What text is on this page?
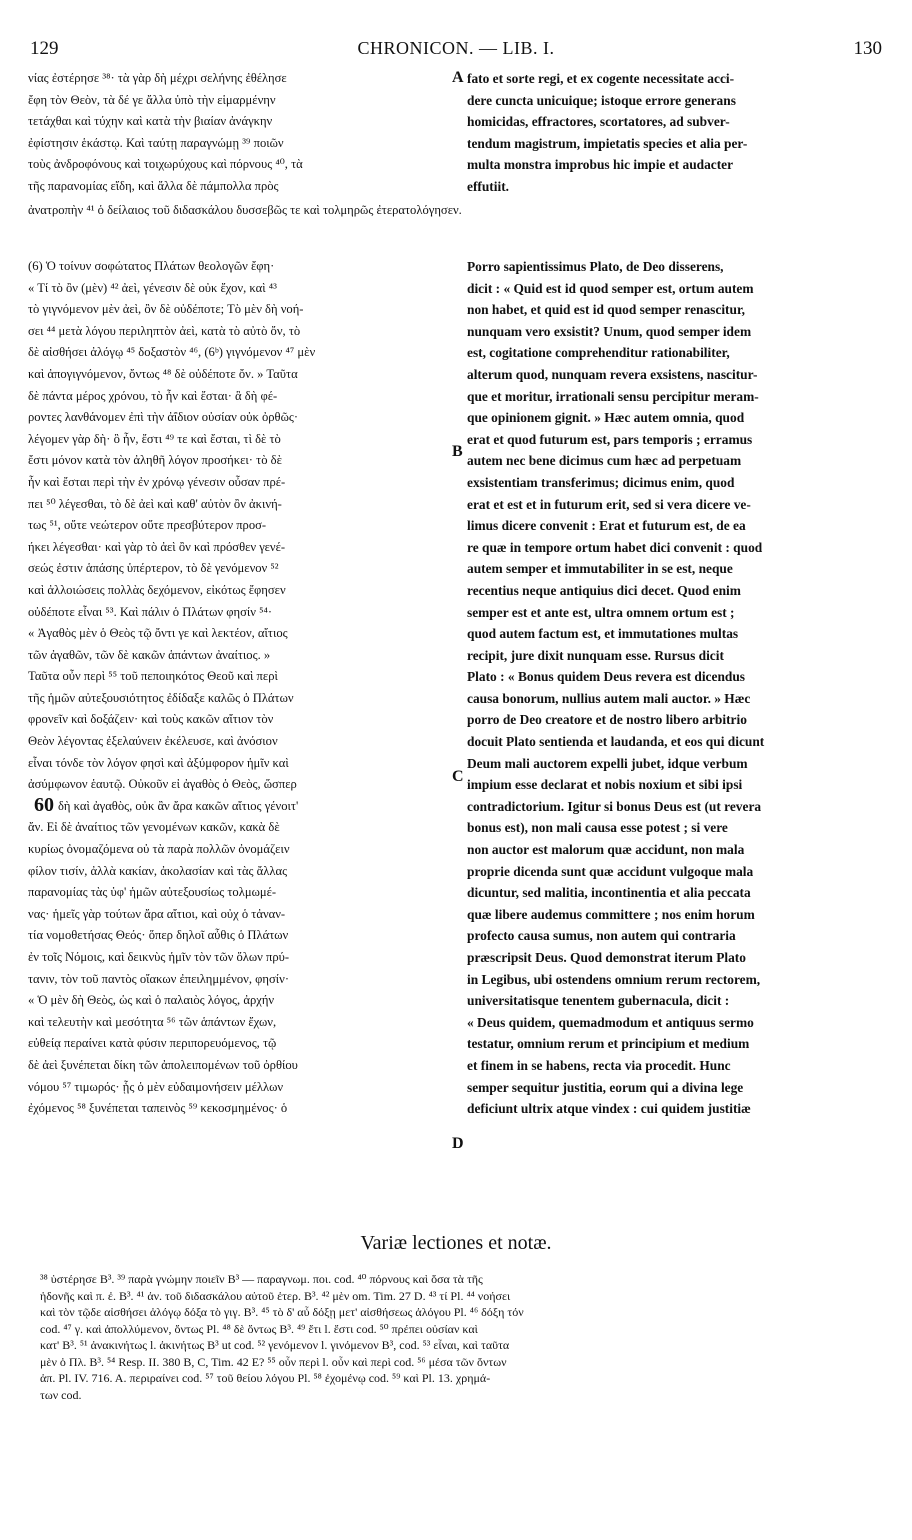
129	CHRONICON. — LIB. I.	130
νίας ἐστέρησε ³⁸· τὰ γὰρ δὴ μέχρι σελήνης ἐθέλησε
ἔφη τὸν Θεὸν, τὰ δέ γε ἄλλα ὑπὸ τὴν εἱμαρμένην
τετάχθαι καὶ τύχην καὶ κατὰ τὴν βιαίαν ἀνάγκην
ἐφίστησιν ἑκάστῳ. Καὶ ταύτῃ παραγνώμῃ ³⁹ ποιῶν
τοὺς ἀνδροφόνους καὶ τοιχωρύχους καὶ πόρνους ⁴⁰, τὰ
τῆς παρανομίας εἴδη, καὶ ἄλλα δὲ πάμπολλα πρὸς
fato et sorte regi, et ex cogente necessitate acci-
dere cuncta unicuique; istoque errore generans
homicidas, effractores, scortatores, ad subver-
tendum magistrum, impietatis species et alia per-
multa monstra improbus hic impie et audacter
effutiit.
ἀνατροπὴν ⁴¹ ὁ δείλαιος τοῦ διδασκάλου δυσσεβῶς τε καὶ τολμηρῶς ἐτερατολόγησεν.
(6) Ὁ τοίνυν σοφώτατος Πλάτων θεολογῶν ἔφη·
« Τί τὸ ὂν (μὲν) ⁴² ἀεὶ, γένεσιν δὲ οὐκ ἔχον, καὶ ⁴³
τὸ γιγνόμενον μὲν ἀεὶ, ὂν δὲ οὐδέποτε; Τὸ μὲν δὴ νοή-
σει ⁴⁴ μετὰ λόγου περιληπτὸν ἀεὶ, κατὰ τὸ αὐτὸ ὄν, τὸ
δὲ αἰσθήσει ἀλόγῳ ⁴⁵ δοξαστὸν ⁴⁶, (6ᵇ) γιγνόμενον ⁴⁷ μὲν
καὶ ἀπογιγνόμενον, ὄντως ⁴⁸ δὲ οὐδέποτε ὄν. » Ταῦτα
δὲ πάντα μέρος χρόνου, τὸ ἦν καὶ ἔσται· ἃ δὴ φέ-
ροντες λανθάνομεν ἐπὶ τὴν ἀΐδιον οὐσίαν οὐκ ὀρθῶς·
λέγομεν γὰρ δὴ· ὃ ἦν, ἔστι ⁴⁹ τε καὶ ἔσται, τὶ δὲ τὸ
ἔστι μόνον κατὰ τὸν ἀληθῆ λόγον προσήκει· τὸ δὲ
ἦν καὶ ἔσται περὶ τὴν ἐν χρόνῳ γένεσιν οὖσαν πρέ-
πει ⁵⁰ λέγεσθαι, τὸ δὲ ἀεὶ καὶ καθ' αὐτὸν ὂν ἀκινή-
τως ⁵¹, οὔτε νεώτερον οὔτε πρεσβύτερον προσ-
ήκει λέγεσθαι· καὶ γὰρ τὸ ἀεὶ ὂν καὶ πρόσθεν γενέ-
σεώς ἐστιν ἁπάσης ὑπέρτερον, τὸ δὲ γενόμενον ⁵²
καὶ ἀλλοιώσεις πολλὰς δεχόμενον, εἰκότως ἔφησεν
οὐδέποτε εἶναι ⁵³. Καὶ πάλιν ὁ Πλάτων φησίν ⁵⁴·
« Ἀγαθὸς μὲν ὁ Θεὸς τῷ ὄντι γε καὶ λεκτέον, αἴτιος
τῶν ἀγαθῶν, τῶν δὲ κακῶν ἁπάντων ἀναίτιος. »
Ταῦτα οὖν περὶ ⁵⁵ τοῦ πεποιηκότος Θεοῦ καὶ περὶ
τῆς ἡμῶν αὐτεξουσιότητος ἐδίδαξε καλῶς ὁ Πλάτων
φρονεῖν καὶ δοξάζειν· καὶ τοὺς κακῶν αἴτιον τὸν
Θεὸν λέγοντας ἐξελαύνειν ἐκέλευσε, καὶ ἀνόσιον
εἶναι τόνδε τὸν λόγον φησὶ καὶ ἀξύμφορον ἡμῖν καὶ
ἀσύμφωνον ἑαυτῷ. Οὐκοῦν εἰ ἀγαθὸς ὁ Θεὸς, ὥσπερ
δὴ καὶ ἀγαθὸς, οὐκ ἂν ἄρα κακῶν αἴτιος γένοιτ'
ἄν. Εἰ δὲ ἀναίτιος τῶν γενομένων κακῶν, κακὰ δὲ
κυρίως ὀνομαζόμενα οὐ τὰ παρὰ πολλῶν ὀνομάζειν
φίλον τισίν, ἀλλὰ κακίαν, ἀκολασίαν καὶ τὰς ἄλλας
παρανομίας τὰς ὑφ' ἡμῶν αὐτεξουσίως τολμωμέ-
νας· ἡμεῖς γὰρ τούτων ἄρα αἴτιοι, καὶ οὐχ ὁ τἀναν-
τία νομοθετήσας Θεός· ὅπερ δηλοῖ αὖθις ὁ Πλάτων
ἐν τοῖς Νόμοις, καὶ δεικνὺς ἡμῖν τὸν τῶν ὅλων πρύ-
τανιν, τὸν τοῦ παντὸς οἴακων ἐπειλημμένον, φησίν·
« Ὁ μὲν δὴ Θεὸς, ὡς καὶ ὁ παλαιὸς λόγος, ἀρχήν
καὶ τελευτὴν καὶ μεσότητα ⁵⁶ τῶν ἁπάντων ἔχων,
εὐθείᾳ περαίνει κατὰ φύσιν περιπορευόμενος, τῷ
δὲ ἀεὶ ξυνέπεται δίκη τῶν ἀπολειπομένων τοῦ ὀρθίου
νόμου ⁵⁷ τιμωρός· ᾗς ὁ μὲν εὐδαιμονήσειν μέλλων
ἐχόμενος ⁵⁸ ξυνέπεται ταπεινὸς ⁵⁹ κεκοσμημένος· ὁ
Porro sapientissimus Plato, de Deo disserens,
dicit : « Quid est id quod semper est, ortum autem
non habet, et quid est id quod semper renascitur,
nunquam vero exsistit? Unum, quod semper idem
est, cogitatione comprehenditur rationabiliter,
alterum quod, nunquam revera exsistens, nascitur-
que et moritur, irrationali sensu percipitur meram-
que opinionem gignit. » Hæc autem omnia, quod
erat et quod futurum est, pars temporis ; erramus
autem nec bene dicimus cum hæc ad perpetuam
exsistentiam transferimus; dicimus enim, quod
erat et est et in futurum erit, sed si vera dicere ve-
limus dicere convenit : Erat et futurum est, de ea
re quæ in tempore ortum habet dici convenit : quod
autem semper et immutabiliter in se est, neque
recentius neque antiquius dici decet. Quod enim
semper est et ante est, ultra omnem ortum est ;
quod autem factum est, et immutationes multas
recipit, jure dixit nunquam esse. Rursus dicit
Plato : « Bonus quidem Deus revera est dicendus
causa bonorum, nullius autem mali auctor. » Hæc
porro de Deo creatore et de nostro libero arbitrio
docuit Plato sentienda et laudanda, et eos qui dicunt
Deum mali auctorem expelli jubet, idque verbum
impium esse declarat et nobis noxium et sibi ipsi
contradictorium. Igitur si bonus Deus est (ut revera
bonus est), non mali causa esse potest ; si vere
non auctor est malorum quæ accidunt, non mala
proprie dicenda sunt quæ accidunt vulgoque mala
dicuntur, sed malitia, incontinentia et alia peccata
quæ libere audemus committere ; nos enim horum
profecto causa sumus, non autem qui contraria
præscripsit Deus. Quod demonstrat iterum Plato
in Legibus, ubi ostendens omnium rerum rectorem,
universitatisque tenentem gubernacula, dicit :
« Deus quidem, quemadmodum et antiquus sermo
testatur, omnium rerum et principium et medium
et finem in se habens, recta via procedit. Hunc
semper sequitur justitia, eorum qui a divina lege
deficiunt ultrix atque vindex : cui quidem justitiæ
A
B
C
D
60
Variæ lectiones et notæ.
³⁸ ὑστέρησε B³. ³⁹ παρὰ γνώμην ποιεῖν B³ — παραγνωμ. ποι. cod. ⁴⁰ πόρνους καὶ ὅσα τὰ τῆς
ἡδονῆς καὶ π. ἐ. B³. ⁴¹ ἀν. τοῦ διδασκάλου αὐτοῦ ἐτερ. B³. ⁴² μὲν om. Tim. 27 D. ⁴³ τί Pl. ⁴⁴ νοήσει
καὶ τὸν τῷδε αἰσθήσει ἀλόγῳ δόξα τὸ γιγ. B³. ⁴⁵ τὸ δ' αὖ δόξῃ μετ' αἰσθήσεως ἀλόγου Pl. ⁴⁶ δόξη τόν
cod. ⁴⁷ γ. καὶ ἀπολλύμενον, ὄντως Pl. ⁴⁸ δὲ ὄντως B³. ⁴⁹ ἔτι l. ἔστι cod. ⁵⁰ πρέπει οὐσίαν καὶ
κατ' B³. ⁵¹ ἀνακινήτως l. ἀκινήτως B³ ut cod. ⁵² γενόμενον l. γινόμενον B³, cod. ⁵³ εἶναι, καὶ ταῦτα
μὲν ὁ Πλ. B³. ⁵⁴ Resp. II. 380 B, C, Tim. 42 E? ⁵⁵ οὖν περὶ l. οὖν καὶ περὶ cod. ⁵⁶ μέσα τῶν ὄντων
ἀπ. Pl. IV. 716. A. περιραίνει cod. ⁵⁷ τοῦ θείου λόγου Pl. ⁵⁸ ἐχομένῳ cod. ⁵⁹ καὶ Pl. 13. χρημά-
των cod.
